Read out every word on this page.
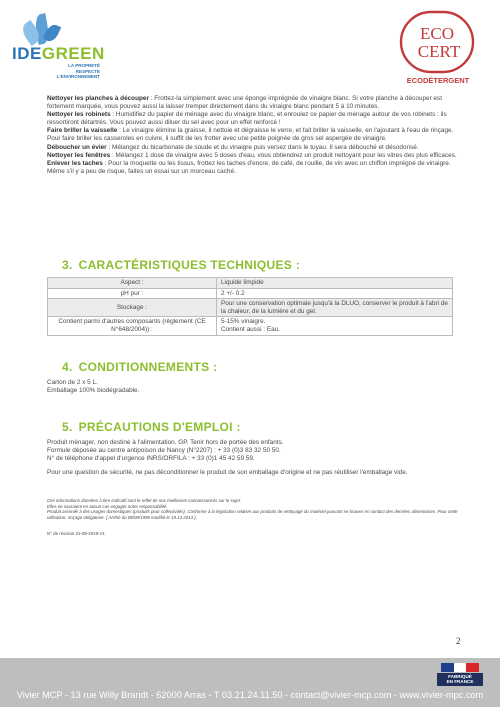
IDEGREEN
LA PROPRETÉ
RESPECTE L'ENVIRONNEMENT
ECO
CERT
ECODÉTERGENT
Nettoyer les planches à découper : Frottez-la simplement avec une éponge imprégnée de vinaigre blanc. Si votre planche à découper est fortement marquée, vous pouvez aussi la laisser tremper directement dans du vinaigre blanc pendant 5 à 10 minutes.
Nettoyer les robinets : Humidifiez du papier de ménage avec du vinaigre blanc, et enroulez ce papier de ménage autour de vos robinets : ils ressortiront détartrés. Vous pouvez aussi diluer du sel avec pour un effet renforcé !
Faire briller la vaisselle : Le vinaigre élimine la graisse, il nettoie et dégraisse le verre, et fait briller la vaisselle, en l'ajoutant à l'eau de rinçage. Pour faire briller les casseroles en cuivre, il suffit de les frotter avec une petite poignée de gros sel aspergée de vinaigre.
Déboucher un évier : Mélangez du bicarbonate de soude et du vinaigre puis versez dans le tuyau. Il sera débouché et désodorisé.
Nettoyer les fenêtres : Mélangez 1 dose de vinaigre avec 5 doses d'eau, vous obtiendrez un produit nettoyant pour les vitres des plus efficaces.
Enlever les taches : Pour la moquette ou les tissus, frottez les taches d'encre, de café, de rouille, de vin avec un chiffon imprégné de vinaigre. Même s'il y a peu de risque, faites un essai sur un morceau caché.
3. CARACTÉRISTIQUES TECHNIQUES :
Aspect :	Liquide limpide
pH pur :	2 +/- 0.2
Stockage :	Pour une conservation optimale jusqu'à la DLUO, conserver le produit à l'abri de la chaleur, de la lumière et du gel.
Contient parmi d'autres composants (règlement (CE N°648/2004)) :	5-15% vinaigre.
Contient aussi : Eau.
4. CONDITIONNEMENTS :
Carton de 2 x 5 L.
Emballage 100% biodégradable.
5. PRÉCAUTIONS D'EMPLOI :
Produit ménager, non destiné à l'alimentation. GP. Tenir hors de portée des enfants.
Formule déposée au centre antipoison de Nancy (N°2207) : + 33 (0)3 83 32 50 50.
N° de téléphone d'appel d'urgence INRS/ORFILA : + 33 (0)1 45 42 59 59.
Pour une question de sécurité, ne pas déconditionner le produit de son emballage d'origine et ne pas réutiliser l'emballage vide.
Ces informations données à titre indicatif sont le reflet de nos meilleures connaissances sur le sujet.
Elles ne sauraient en aucun cas engager notre responsabilité.
Produit assimilé à des usages domestiques (produits pour collectivités). Conforme à la législation relative aux produits de nettoyage du matériel pouvant se trouver en contact des denrées alimentaires. Pour cette utilisation, rinçage obligatoire. ( Arrêté du 08/09/1999 modifié le 19.12.2013 ).
N° de révision 21-08-2019-V1
2
FABRIQUÉ
EN FRANCE
Vivier MCP - 13 rue Willy Brandt - 62000 Arras - T 03.21.24.11.50 - contact@vivier-mcp.com - www.vivier-mpc.com
